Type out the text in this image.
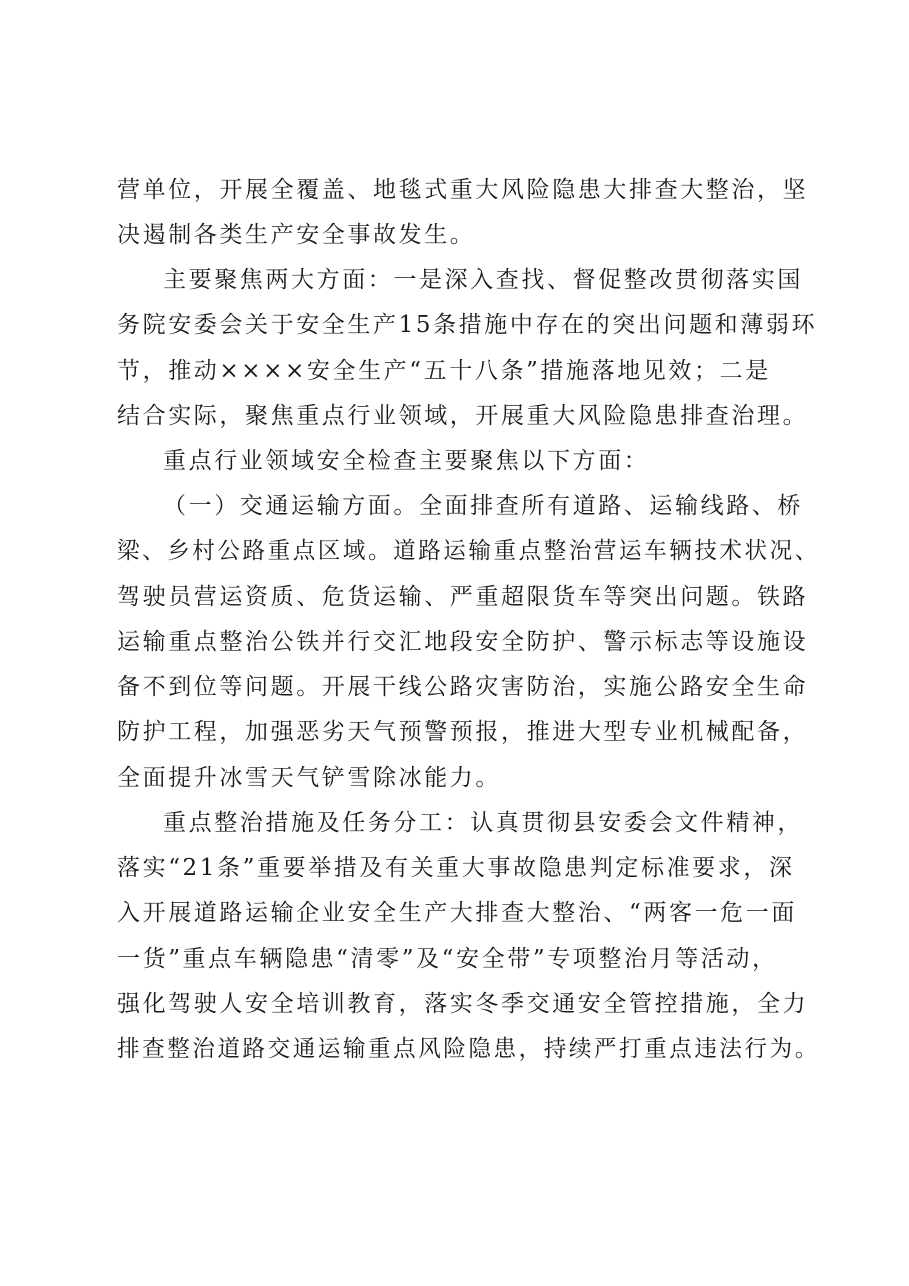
营单位，开展全覆盖、地毯式重大风险隐患大排查大整治，坚
决遏制各类生产安全事故发生。
主要聚焦两大方面：一是深入查找、督促整改贯彻落实国
务院安委会关于安全生产15条措施中存在的突出问题和薄弱环
节，推动××××安全生产“五十八条”措施落地见效；二是
结合实际，聚焦重点行业领域，开展重大风险隐患排查治理。
重点行业领域安全检查主要聚焦以下方面：
（一）交通运输方面。全面排查所有道路、运输线路、桥
梁、乡村公路重点区域。道路运输重点整治营运车辆技术状况、
驾驶员营运资质、危货运输、严重超限货车等突出问题。铁路
运输重点整治公铁并行交汇地段安全防护、警示标志等设施设
备不到位等问题。开展干线公路灾害防治，实施公路安全生命
防护工程，加强恶劣天气预警预报，推进大型专业机械配备，
全面提升冰雪天气铲雪除冰能力。
重点整治措施及任务分工：认真贯彻县安委会文件精神，
落实“21条”重要举措及有关重大事故隐患判定标准要求，深
入开展道路运输企业安全生产大排查大整治、“两客一危一面
一货”重点车辆隐患“清零”及“安全带”专项整治月等活动，
强化驾驶人安全培训教育，落实冬季交通安全管控措施，全力
排查整治道路交通运输重点风险隐患，持续严打重点违法行为。
